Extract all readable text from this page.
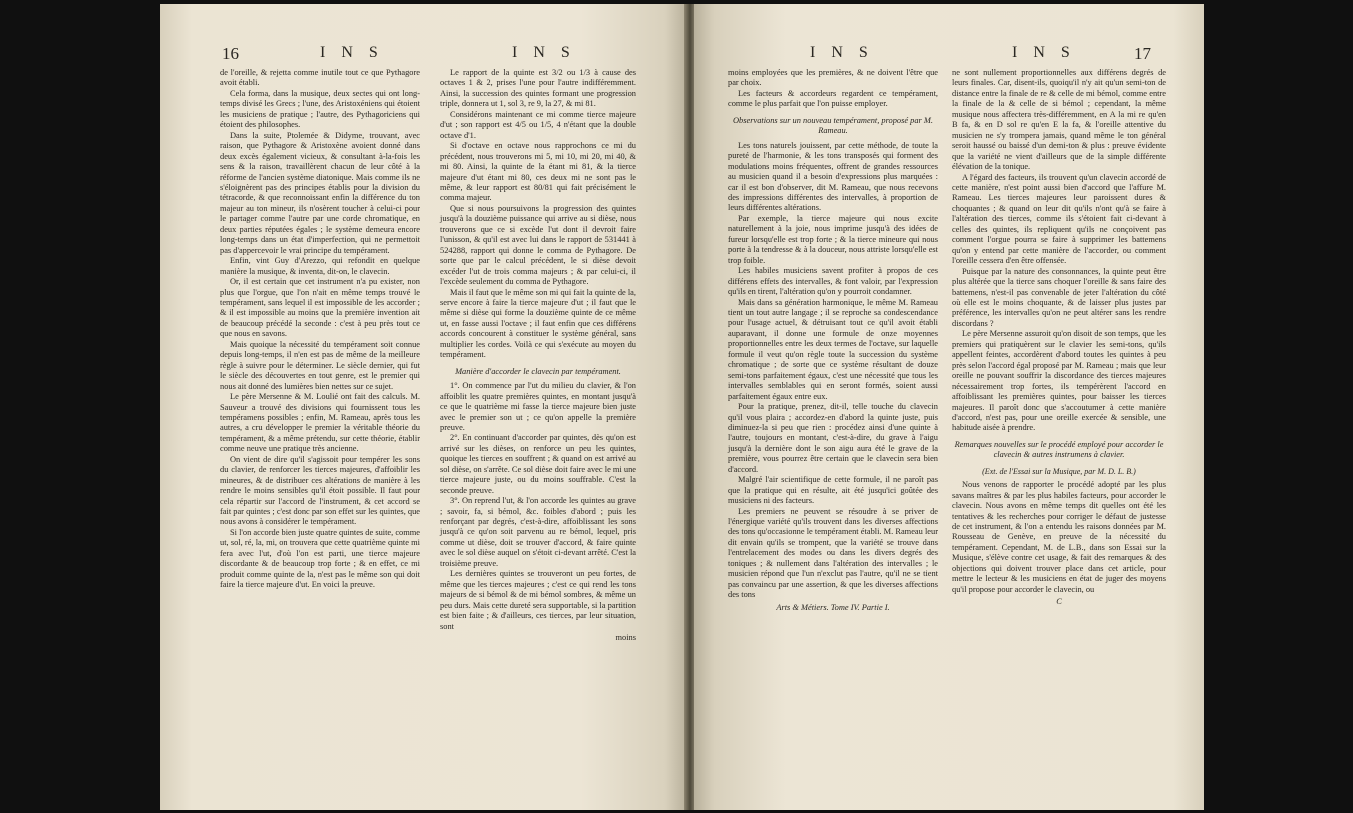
16	I N S	I N S

de l'oreille, & rejetta comme inutile tout ce que Pythagore avoit établi.

Cela forma, dans la musique, deux sectes qui ont long-temps divisé les Grecs ; l'une, des Aristoxéniens qui étoient les musiciens de pratique ; l'autre, des Pythagoriciens qui étoient des philosophes.

Dans la suite, Ptolemée & Didyme, trouvant, avec raison, que Pythagore & Aristoxène avoient donné dans deux excès également vicieux, & consultant à-la-fois les sens & la raison, travaillèrent chacun de leur côté à la réforme de l'ancien système diatonique. Mais comme ils ne s'éloignèrent pas des principes établis pour la division du tétracorde, & que reconnoissant enfin la différence du ton majeur au ton mineur, ils n'osèrent toucher à celui-ci pour le partager comme l'autre par une corde chromatique, en deux parties réputées égales ; le système demeura encore long-temps dans un état d'imperfection, qui ne permettoit pas d'appercevoir le vrai principe du tempérament.

Enfin, vint Guy d'Arezzo, qui refondit en quelque manière la musique, & inventa, dit-on, le clavecin.

Or, il est certain que cet instrument n'a pu exister, non plus que l'orgue, que l'on n'ait en même temps trouvé le tempérament, sans lequel il est impossible de les accorder ; & il est impossible au moins que la première invention ait de beaucoup précédé la seconde : c'est à peu près tout ce que nous en savons.

Mais quoique la nécessité du tempérament soit connue depuis long-temps, il n'en est pas de même de la meilleure règle à suivre pour le déterminer. Le siècle dernier, qui fut le siècle des découvertes en tout genre, est le premier qui nous ait donné des lumières bien nettes sur ce sujet.

Le père Mersenne & M. Loulié ont fait des calculs. M. Sauveur a trouvé des divisions qui fournissent tous les tempéramens possibles ; enfin, M. Rameau, après tous les autres, a cru développer le premier la véritable théorie du tempérament, & a même prétendu, sur cette théorie, établir comme neuve une pratique très ancienne.

On vient de dire qu'il s'agissoit pour tempérer les sons du clavier, de renforcer les tierces majeures, d'affoiblir les mineures, & de distribuer ces altérations de manière à les rendre le moins sensibles qu'il étoit possible. Il faut pour cela répartir sur l'accord de l'instrument, & cet accord se fait par quintes ; c'est donc par son effet sur les quintes, que nous avons à considérer le tempérament.

Si l'on accorde bien juste quatre quintes de suite, comme ut, sol, ré, la, mi, on trouvera que cette quatrième quinte mi fera avec l'ut, d'où l'on est parti, une tierce majeure discordante & de beaucoup trop forte ; & en effet, ce mi produit comme quinte de la, n'est pas le même son qui doit faire la tierce majeure d'ut. En voici la preuve.

Le rapport de la quinte est 3/2 ou 1/3 à cause des octaves 1 & 2, prises l'une pour l'autre indifféremment. Ainsi, la succession des quintes formant une progression triple, donnera ut 1, sol 3, re 9, la 27, & mi 81.

Considérons maintenant ce mi comme tierce majeure d'ut ; son rapport est 4/5 ou 1/5, 4 n'étant que la double octave d'1.

Si d'octave en octave nous rapprochons ce mi du précédent, nous trouverons mi 5, mi 10, mi 20, mi 40, & mi 80. Ainsi, la quinte de la étant mi 81, & la tierce majeure d'ut étant mi 80, ces deux mi ne sont pas le même, & leur rapport est 80/81 qui fait précisément le comma majeur.

Que si nous poursuivons la progression des quintes jusqu'à la douzième puissance qui arrive au si dièse, nous trouverons que ce si excède l'ut dont il devroit faire l'unisson, & qu'il est avec lui dans le rapport de 531441 à 524288, rapport qui donne le comma de Pythagore. De sorte que par le calcul précédent, le si dièse devoit excéder l'ut de trois comma majeurs ; & par celui-ci, il l'excède seulement du comma de Pythagore.

Mais il faut que le même son mi qui fait la quinte de la, serve encore à faire la tierce majeure d'ut ; il faut que le même si dièse qui forme la douzième quinte de ce même ut, en fasse aussi l'octave ; il faut enfin que ces différens accords concourent à constituer le système général, sans multiplier les cordes. Voilà ce qui s'exécute au moyen du tempérament.

Manière d'accorder le clavecin par tempérament.

1°. On commence par l'ut du milieu du clavier, & l'on affoiblit les quatre premières quintes, en montant jusqu'à ce que le quatrième mi fasse la tierce majeure bien juste avec le premier son ut ; ce qu'on appelle la première preuve.

2°. En continuant d'accorder par quintes, dès qu'on est arrivé sur les dièses, on renforce un peu les quintes, quoique les tierces en souffrent ; & quand on est arrivé au sol dièse, on s'arrête. Ce sol dièse doit faire avec le mi une tierce majeure juste, ou du moins souffrable. C'est la seconde preuve.

3°. On reprend l'ut, & l'on accorde les quintes au grave ; savoir, fa, si bémol, &c. foibles d'abord ; puis les renforçant par degrés, c'est-à-dire, affoiblissant les sons jusqu'à ce qu'on soit parvenu au re bémol, lequel, pris comme ut dièse, doit se trouver d'accord, & faire quinte avec le sol dièse auquel on s'étoit ci-devant arrêté. C'est la troisième preuve.

Les dernières quintes se trouveront un peu fortes, de même que les tierces majeures ; c'est ce qui rend les tons majeurs de si bémol & de mi bémol sombres, & même un peu durs. Mais cette dureté sera supportable, si la partition est bien faite ; & d'ailleurs, ces tierces, par leur situation, sont

moins

I N S	I N S	17

moins employées que les premières, & ne doivent l'être que par choix.

Les facteurs & accordeurs regardent ce tempérament, comme le plus parfait que l'on puisse employer.

Observations sur un nouveau tempérament, proposé par M. Rameau.

Les tons naturels jouissent, par cette méthode, de toute la pureté de l'harmonie, & les tons transposés qui forment des modulations moins fréquentes, offrent de grandes ressources au musicien quand il a besoin d'expressions plus marquées : car il est bon d'observer, dit M. Rameau, que nous recevons des impressions différentes des intervalles, à proportion de leurs différentes altérations.

Par exemple, la tierce majeure qui nous excite naturellement à la joie, nous imprime jusqu'à des idées de fureur lorsqu'elle est trop forte ; & la tierce mineure qui nous porte à la tendresse & à la douceur, nous attriste lorsqu'elle est trop foible.

Les habiles musiciens savent profiter à propos de ces différens effets des intervalles, & font valoir, par l'expression qu'ils en tirent, l'altération qu'on y pourroit condamner.

Mais dans sa génération harmonique, le même M. Rameau tient un tout autre langage ; il se reproche sa condescendance pour l'usage actuel, & détruisant tout ce qu'il avoit établi auparavant, il donne une formule de onze moyennes proportionnelles entre les deux termes de l'octave, sur laquelle formule il veut qu'on règle toute la succession du système chromatique ; de sorte que ce système résultant de douze semi-tons parfaitement égaux, c'est une nécessité que tous les intervalles semblables qui en seront formés, soient aussi parfaitement égaux entre eux.

Pour la pratique, prenez, dit-il, telle touche du clavecin qu'il vous plaira ; accordez-en d'abord la quinte juste, puis diminuez-la si peu que rien : procédez ainsi d'une quinte à l'autre, toujours en montant, c'est-à-dire, du grave à l'aigu jusqu'à la dernière dont le son aigu aura été le grave de la première, vous pourrez être certain que le clavecin sera bien d'accord.

Malgré l'air scientifique de cette formule, il ne paroît pas que la pratique qui en résulte, ait été jusqu'ici goûtée des musiciens ni des facteurs.

Les premiers ne peuvent se résoudre à se priver de l'énergique variété qu'ils trouvent dans les diverses affections des tons qu'occasionne le tempérament établi. M. Rameau leur dit envain qu'ils se trompent, que la variété se trouve dans l'entrelacement des modes ou dans les divers degrés des toniques ; & nullement dans l'altération des intervalles ; le musicien répond que l'un n'exclut pas l'autre, qu'il ne se tient pas convaincu par une assertion, & que les diverses affections des tons

Arts & Métiers. Tome IV. Partie I.

ne sont nullement proportionnelles aux différens degrés de leurs finales. Car, disent-ils, quoiqu'il n'y ait qu'un semi-ton de distance entre la finale de re & celle de mi bémol, comme entre la finale de la & celle de si bémol ; cependant, la même musique nous affectera très-différemment, en A la mi re qu'en B fa, & en D sol re qu'en E la fa, & l'oreille attentive du musicien ne s'y trompera jamais, quand même le ton général seroit haussé ou baissé d'un demi-ton & plus : preuve évidente que la variété ne vient d'ailleurs que de la simple différente élévation de la tonique.

A l'égard des facteurs, ils trouvent qu'un clavecin accordé de cette manière, n'est point aussi bien d'accord que l'affure M. Rameau. Les tierces majeures leur paroissent dures & choquantes ; & quand on leur dit qu'ils n'ont qu'à se faire à l'altération des tierces, comme ils s'étoient fait ci-devant à celles des quintes, ils repliquent qu'ils ne conçoivent pas comment l'orgue pourra se faire à supprimer les battemens qu'on y entend par cette manière de l'accorder, ou comment l'oreille cessera d'en être offensée.

Puisque par la nature des consonnances, la quinte peut être plus altérée que la tierce sans choquer l'oreille & sans faire des battemens, n'est-il pas convenable de jeter l'altération du côté où elle est le moins choquante, & de laisser plus justes par préférence, les intervalles qu'on ne peut altérer sans les rendre discordans ?

Le père Mersenne assuroit qu'on disoit de son temps, que les premiers qui pratiquèrent sur le clavier les semi-tons, qu'ils appellent feintes, accordèrent d'abord toutes les quintes à peu près selon l'accord égal proposé par M. Rameau ; mais que leur oreille ne pouvant souffrir la discordance des tierces majeures nécessairement trop fortes, ils tempérèrent l'accord en affoiblissant les premières quintes, pour baisser les tierces majeures. Il paroît donc que s'accoutumer à cette manière d'accord, n'est pas, pour une oreille exercée & sensible, une habitude aisée à prendre.

Remarques nouvelles sur le procédé employé pour accorder le clavecin & autres instrumens à clavier.

(Ext. de l'Essai sur la Musique, par M. D. L. B.)

Nous venons de rapporter le procédé adopté par les plus savans maîtres & par les plus habiles facteurs, pour accorder le clavecin. Nous avons en même temps dit quelles ont été les tentatives & les recherches pour corriger le défaut de justesse de cet instrument, & l'on a entendu les raisons données par M. Rousseau de Genève, en preuve de la nécessité du tempérament. Cependant, M. de L.B., dans son Essai sur la Musique, s'élève contre cet usage, & fait des remarques & des objections qui doivent trouver place dans cet article, pour mettre le lecteur & les musiciens en état de juger des moyens qu'il propose pour accorder le clavecin, ou

C
